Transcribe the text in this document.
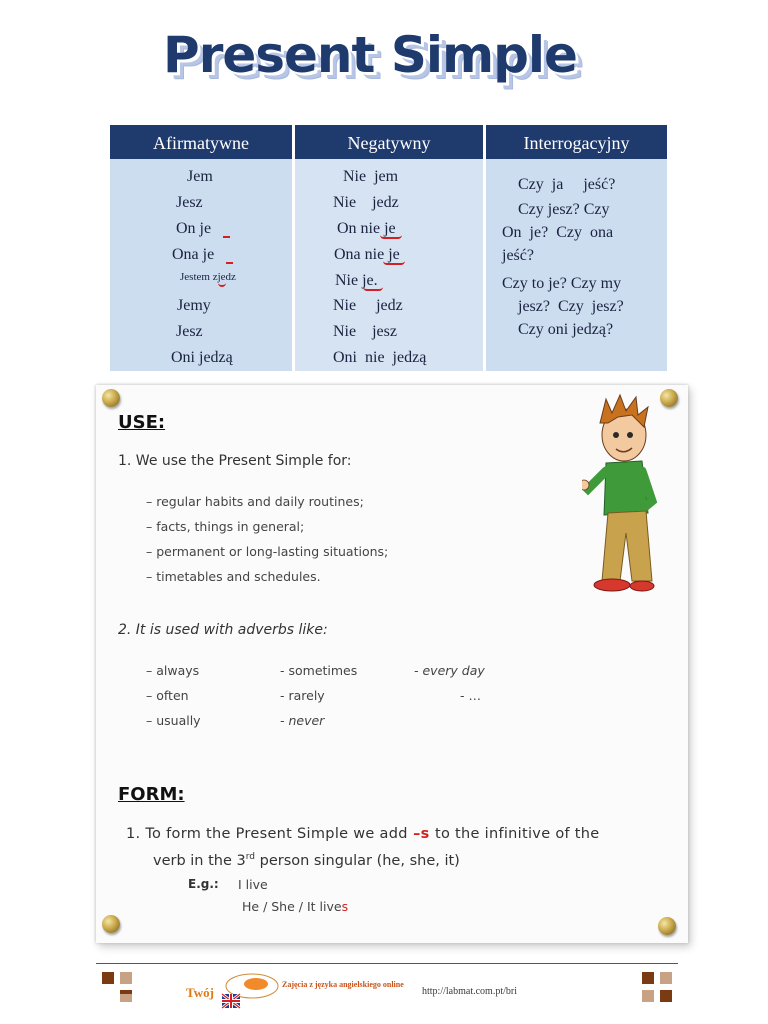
Present Simple
Afirmatywne	Negatywny	Interrogacyjny
Jem
Jesz
On je
Ona je
Jestem zjedz
Jemy
Jesz
Oni jedzą
Nie  jem
Nie    jedz
On nie je
Ona nie je
Nie je.
Nie     jedz
Nie    jesz
Oni  nie  jedzą
Czy  ja     jeść?
Czy jesz? Czy
On  je?  Czy  ona
jeść?
Czy to je? Czy my
jesz?  Czy  jesz?
Czy oni jedzą?
USE:
1. We use the Present Simple for:
– regular habits and daily routines;
– facts, things in general;
– permanent or long-lasting situations;
– timetables and schedules.
2. It is used with adverbs like:
– always
– often
– usually
- sometimes
- rarely
- never
- every day
- …
FORM:
1. To form the Present Simple we add –s to the infinitive of the
verb in the 3rd person singular (he, she, it)
E.g.: I live
He / She / It lives
Twój
Zajęcia z języka angielskiego online
http://labmat.com.pt/bri
